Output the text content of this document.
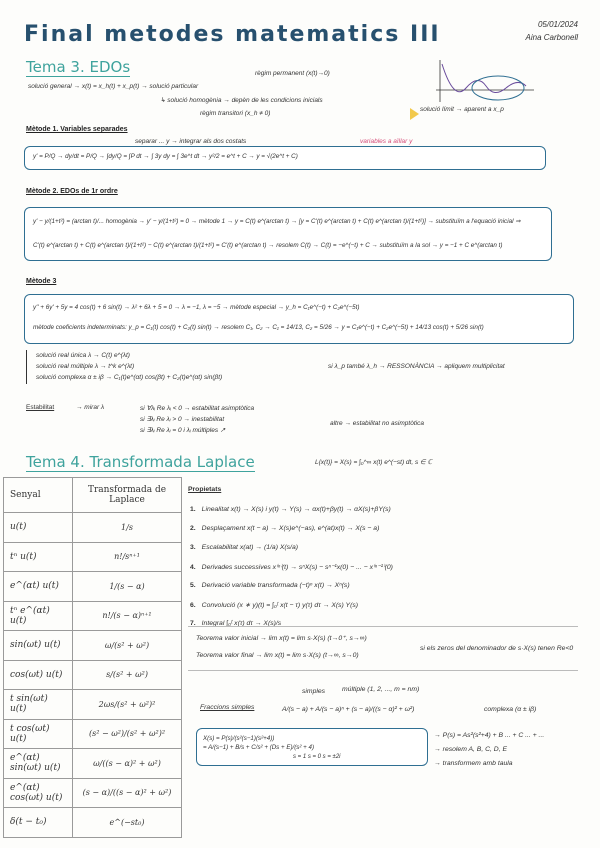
Final metodes matematics III	05/01/2024
Aina Carbonell
Tema 3. EDOs	règim permanent (x(t)→0)
solució general → x(t) = x_h(t) + x_p(t) → solució particular
↳ solució homogènia → depèn de les condicions inicials
règim transitori (x_h ≠ 0)
solució límit → aparent a x_p
Mètode 1. Variables separades
separar ... y → integrar als dos costats	variables a aïllar y
y' = P/Q → dy/dt = P/Q → ∫dy/Q = ∫P dt → ∫ 3y dy = ∫ 3e^t dt → y²/2 = e^t + C → y = √(2e^t + C)
Mètode 2. EDOs de 1r ordre
y' − y/(1+t²) = (arctan t)/... homogènia → y' − y/(1+t²) = 0 → mètode 1 → y = C(t) e^(arctan t) → [y = C'(t) e^(arctan t) + C(t) e^(arctan t)/(1+t²)] → substituïm a l'equació inicial ⇒
C'(t) e^(arctan t) + C(t) e^(arctan t)/(1+t²) − C(t) e^(arctan t)/(1+t²) = C'(t) e^(arctan t) → resolem C(t) → C(t) = −e^(−t) + C → substituïm a la sol → y = −1 + C e^(arctan t)
Mètode 3
y'' + 6y' + 5y = 4 cos(t) + 6 sin(t) → λ² + 6λ + 5 = 0 → λ = −1, λ = −5 → mètode especial → y_h = C₁e^(−t) + C₂e^(−5t)
mètode coeficients indeterminats: y_p = C₁(t) cos(t) + C₂(t) sin(t) → resolem C₁, C₂ → C₁ = 14/13, C₂ = 5/26 → y = C₁e^(−t) + C₂e^(−5t) + 14/13 cos(t) + 5/26 sin(t)
solució real única λ → C(t) e^(λt)
solució real múltiple λ → t^k e^(λt)
solució complexa α ± iβ → C₁(t)e^(αt) cos(βt) + C₂(t)e^(αt) sin(βt)
si λ_p també λ_h → RESSONÀNCIA → apliquem multiplicitat
Estabilitat	→ mirar λ	si ∀λᵢ Re λᵢ < 0 → estabilitat asimptòtica
si ∃λᵢ Re λᵢ > 0 → inestabilitat
si ∃λᵢ Re λᵢ = 0 i λᵢ múltiples ↗
altre → estabilitat no asimptòtica
Tema 4. Transformada Laplace	L{x(t)} = X(s) = ∫₀^∞ x(t) e^(−st) dt, s ∈ ℂ
Senyal	Transformada de Laplace
u(t)	1/s
tⁿ u(t)	n!/sⁿ⁺¹
e^(αt) u(t)	1/(s − α)
tⁿ e^(αt) u(t)	n!/(s − α)ⁿ⁺¹
sin(ωt) u(t)	ω/(s² + ω²)
cos(ωt) u(t)	s/(s² + ω²)
t sin(ωt) u(t)	2ωs/(s² + ω²)²
t cos(ωt) u(t)	(s² − ω²)/(s² + ω²)²
e^(αt) sin(ωt) u(t)	ω/((s − α)² + ω²)
e^(αt) cos(ωt) u(t)	(s − α)/((s − α)² + ω²)
δ(t − t₀)	e^(−st₀)
Propietats
1. Linealitat x(t) → X(s) i y(t) → Y(s) → αx(t)+βy(t) → αX(s)+βY(s)
2. Desplaçament x(t − a) → X(s)e^(−as), e^(at)x(t) → X(s − a)
3. Escalabilitat x(at) → (1/a) X(s/a)
4. Derivades successives x⁽ⁿ⁾(t) → sⁿX(s) − sⁿ⁻¹x(0) − ... − x⁽ⁿ⁻¹⁾(0)
5. Derivació variable transformada (−t)ⁿ x(t) → Xⁿ(s)
6. Convolució (x ∗ y)(t) = ∫₀ᵗ x(t − τ) y(τ) dτ → X(s) Y(s)
7. Integral ∫₀ᵗ x(τ) dτ → X(s)/s
Teorema valor inicial → lim x(t) = lim s·X(s) (t→0⁺, s→∞)
Teorema valor final → lim x(t) = lim s·X(s) (t→∞, s→0)
si els zeros del denominador de s·X(s) tenen Re<0
Fraccions simples
simples múltiple (1, 2, ..., m = nm)
A/(s − a) + A/(s − a)ⁿ + (s − a)/((s − α)² + ω²)	complexa (α ± iβ)
X(s) = P(s)/(s²(s−1)(s²+4))
= A/(s−1) + B/s + C/s² + (Ds + E)/(s² + 4)
s = 1 s = 0 s = ±2i
→ P(s) = As²(s²+4) + B ... + C ... + ...
→ resolem A, B, C, D, E
→ transformem amb taula
